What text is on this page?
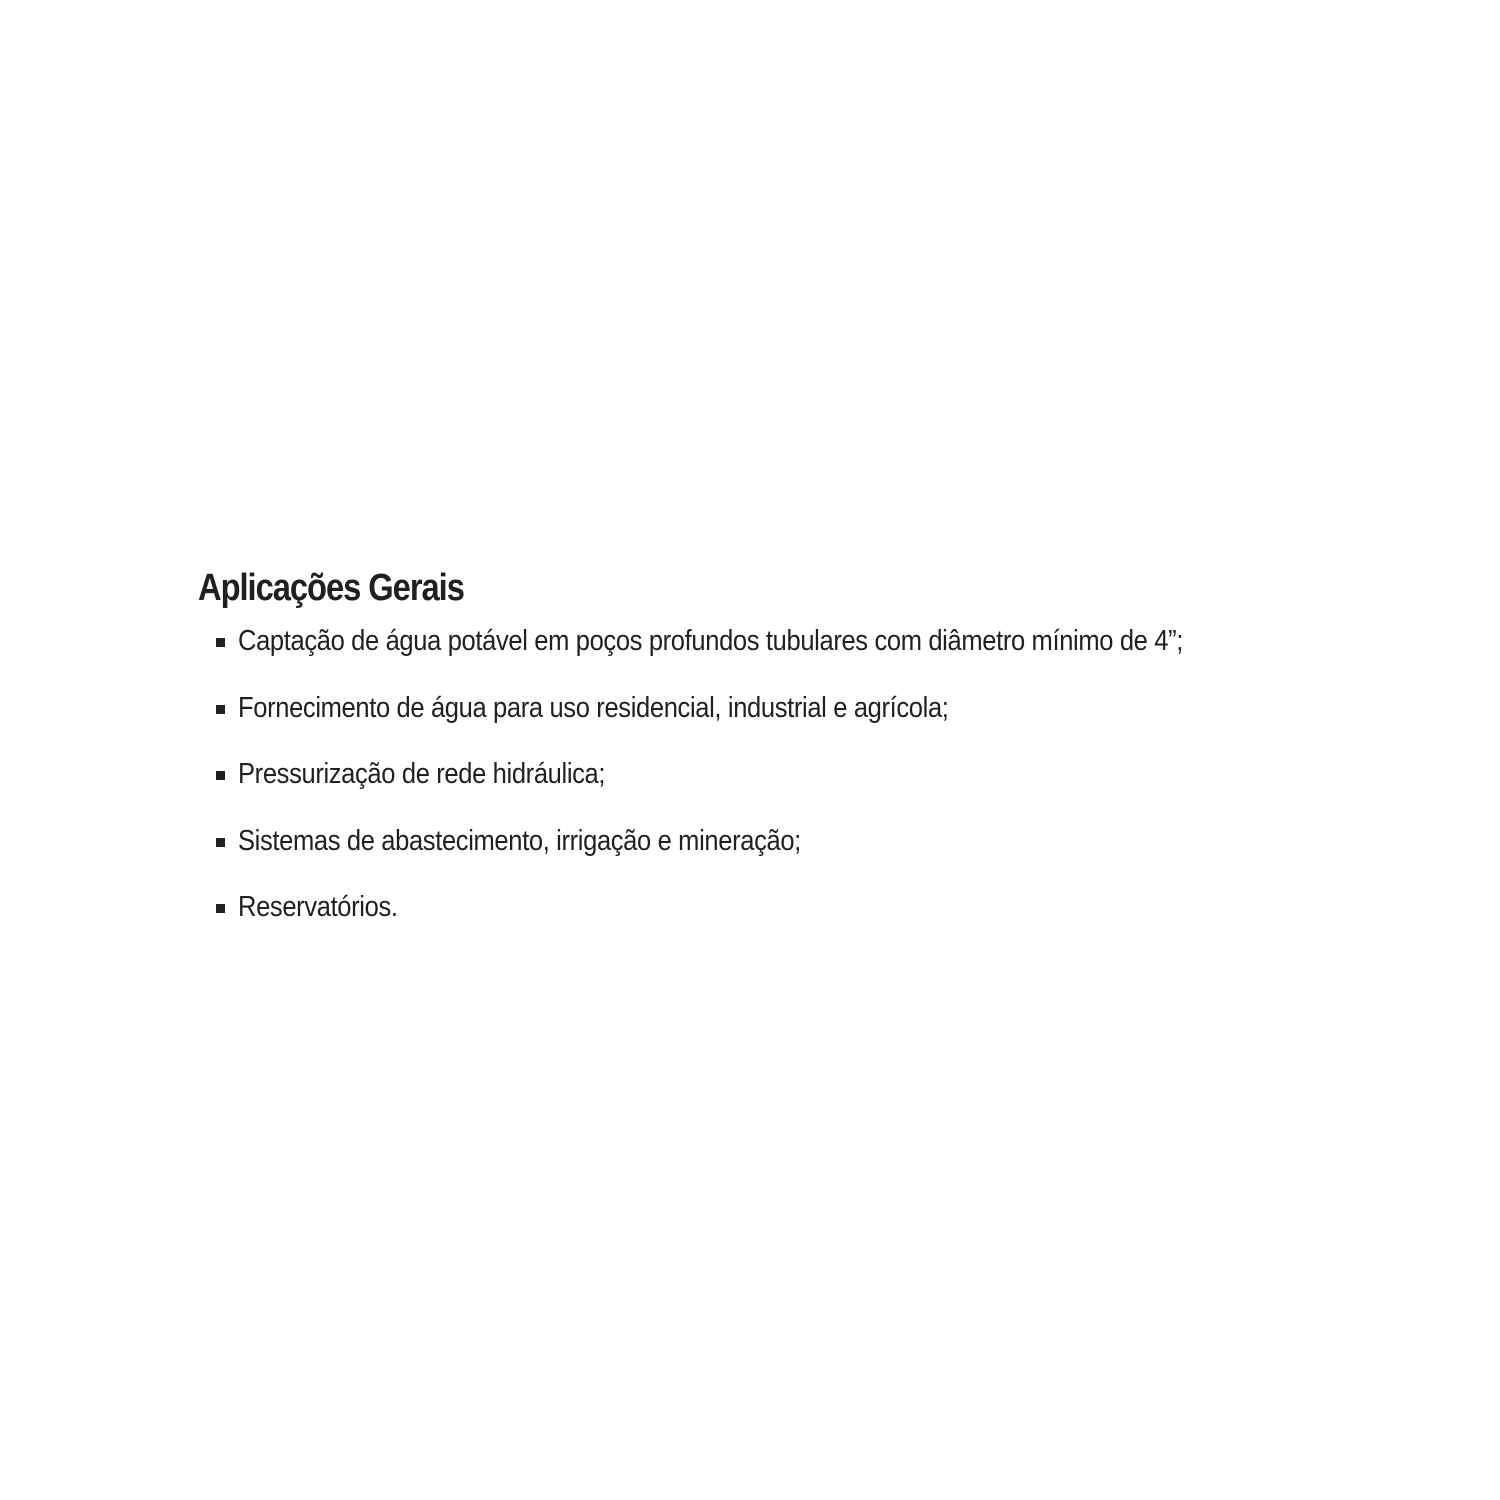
Aplicações Gerais
Captação de água potável em poços profundos tubulares com diâmetro mínimo de 4”;
Fornecimento de água para uso residencial, industrial e agrícola;
Pressurização de rede hidráulica;
Sistemas de abastecimento, irrigação e mineração;
Reservatórios.
